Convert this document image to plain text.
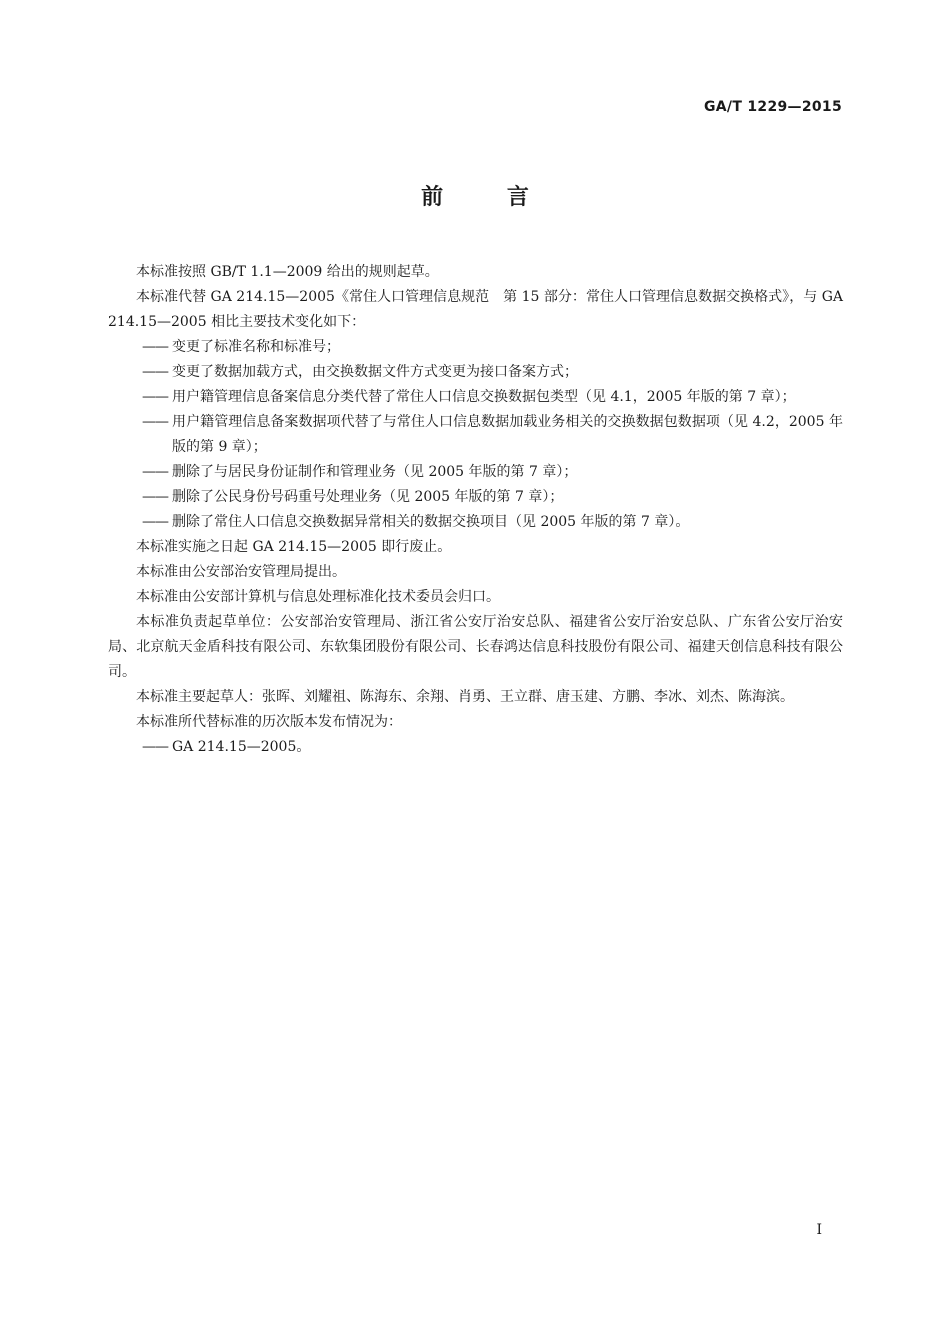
GA/T 1229—2015
前 言

本标准按照 GB/T 1.1—2009 给出的规则起草。

本标准代替 GA 214.15—2005《常住人口管理信息规范　第 15 部分：常住人口管理信息数据交换格式》，与 GA 214.15—2005 相比主要技术变化如下：

—— 变更了标准名称和标准号；

—— 变更了数据加载方式，由交换数据文件方式变更为接口备案方式；

—— 用户籍管理信息备案信息分类代替了常住人口信息交换数据包类型（见 4.1，2005 年版的第 7 章）；

—— 用户籍管理信息备案数据项代替了与常住人口信息数据加载业务相关的交换数据包数据项（见 4.2，2005 年版的第 9 章）；

—— 删除了与居民身份证制作和管理业务（见 2005 年版的第 7 章）；

—— 删除了公民身份号码重号处理业务（见 2005 年版的第 7 章）；

—— 删除了常住人口信息交换数据异常相关的数据交换项目（见 2005 年版的第 7 章）。

本标准实施之日起 GA 214.15—2005 即行废止。

本标准由公安部治安管理局提出。

本标准由公安部计算机与信息处理标准化技术委员会归口。

本标准负责起草单位：公安部治安管理局、浙江省公安厅治安总队、福建省公安厅治安总队、广东省公安厅治安局、北京航天金盾科技有限公司、东软集团股份有限公司、长春鸿达信息科技股份有限公司、福建天创信息科技有限公司。

本标准主要起草人：张晖、刘耀祖、陈海东、余翔、肖勇、王立群、唐玉建、方鹏、李冰、刘杰、陈海滨。

本标准所代替标准的历次版本发布情况为：

—— GA 214.15—2005。

I
